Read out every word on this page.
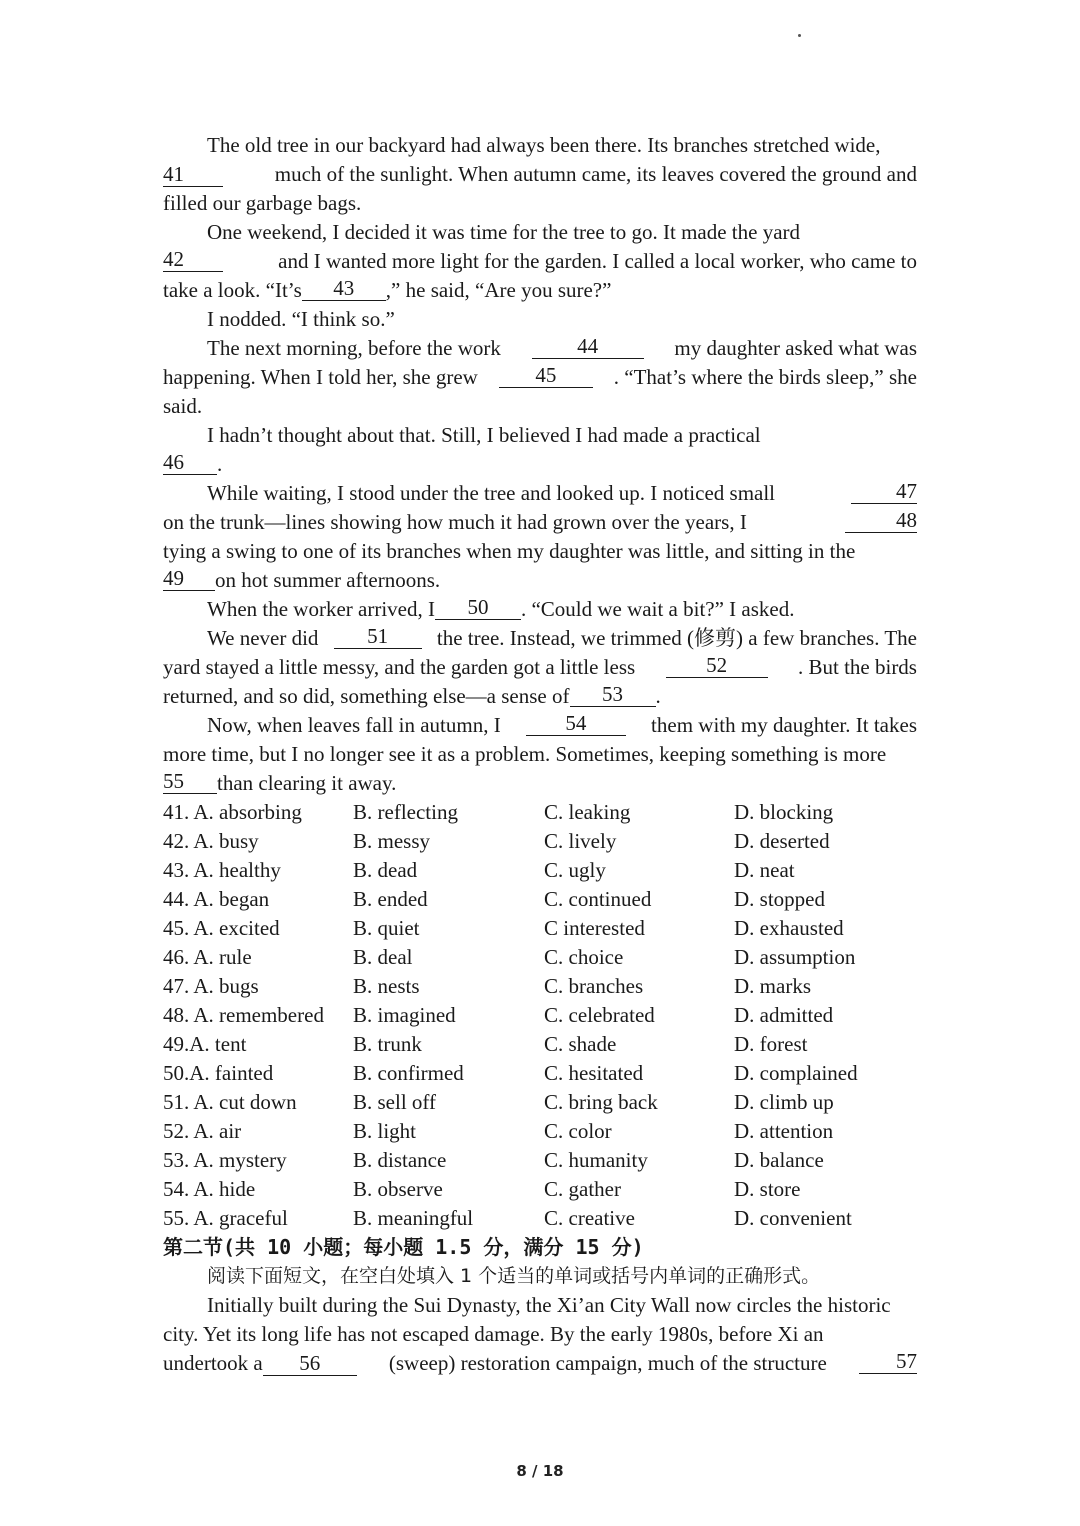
The old tree in our backyard had always been there. Its branches stretched wide,
41	much of the sunlight. When autumn came, its leaves covered the ground and
filled our garbage bags.
One weekend, I decided it was time for the tree to go. It made the yard
42	and I wanted more light for the garden. I called a local worker, who came to
take a look. “It’s	43	,” he said, “Are you sure?”
I nodded. “I think so.”
The next morning, before the work	44	my daughter asked what was
happening. When I told her, she grew	45	. “That’s where the birds sleep,” she
said.
I hadn’t thought about that. Still, I believed I had made a practical
46	.
While waiting, I stood under the tree and looked up. I noticed small	47
on the trunk—lines showing how much it had grown over the years, I	48
tying a swing to one of its branches when my daughter was little, and sitting in the
49	on hot summer afternoons.
When the worker arrived, I	50	. “Could we wait a bit?” I asked.
We never did	51	the tree. Instead, we trimmed (修剪) a few branches. The
yard stayed a little messy, and the garden got a little less	52	. But the birds
returned, and so did, something else—a sense of	53	.
Now, when leaves fall in autumn, I	54	them with my daughter. It takes
more time, but I no longer see it as a problem. Sometimes, keeping something is more
55	than clearing it away.
41. A. absorbing B. reflecting	C. leaking	D. blocking
42. A. busy	B. messy	C. lively	D. deserted
43. A. healthy	B. dead	C. ugly	D. neat
44. A. began	B. ended	C. continued	D. stopped
45. A. excited	B. quiet	C interested	D. exhausted
46. A. rule	B. deal	C. choice	D. assumption
47. A. bugs	B. nests	C. branches	D. marks
48. A. remembered B. imagined	C. celebrated	D. admitted
49.A. tent	B. trunk	C. shade	D. forest
50.A. fainted	B. confirmed	C. hesitated	D. complained
51. A. cut down	B. sell off	C. bring back	D. climb up
52. A. air	B. light	C. color	D. attention
53. A. mystery	B. distance	C. humanity	D. balance
54. A. hide	B. observe	C. gather	D. store
55. A. graceful	B. meaningful	C. creative	D. convenient
第二节(共 10 小题；每小题 1.5 分，满分 15 分)
阅读下面短文，在空白处填入 1 个适当的单词或括号内单词的正确形式。
Initially built during the Sui Dynasty, the Xi’an City Wall now circles the historic
city. Yet its long life has not escaped damage. By the early 1980s, before Xi an
undertook a 56	(sweep) restoration campaign, much of the structure	57
8 / 18
